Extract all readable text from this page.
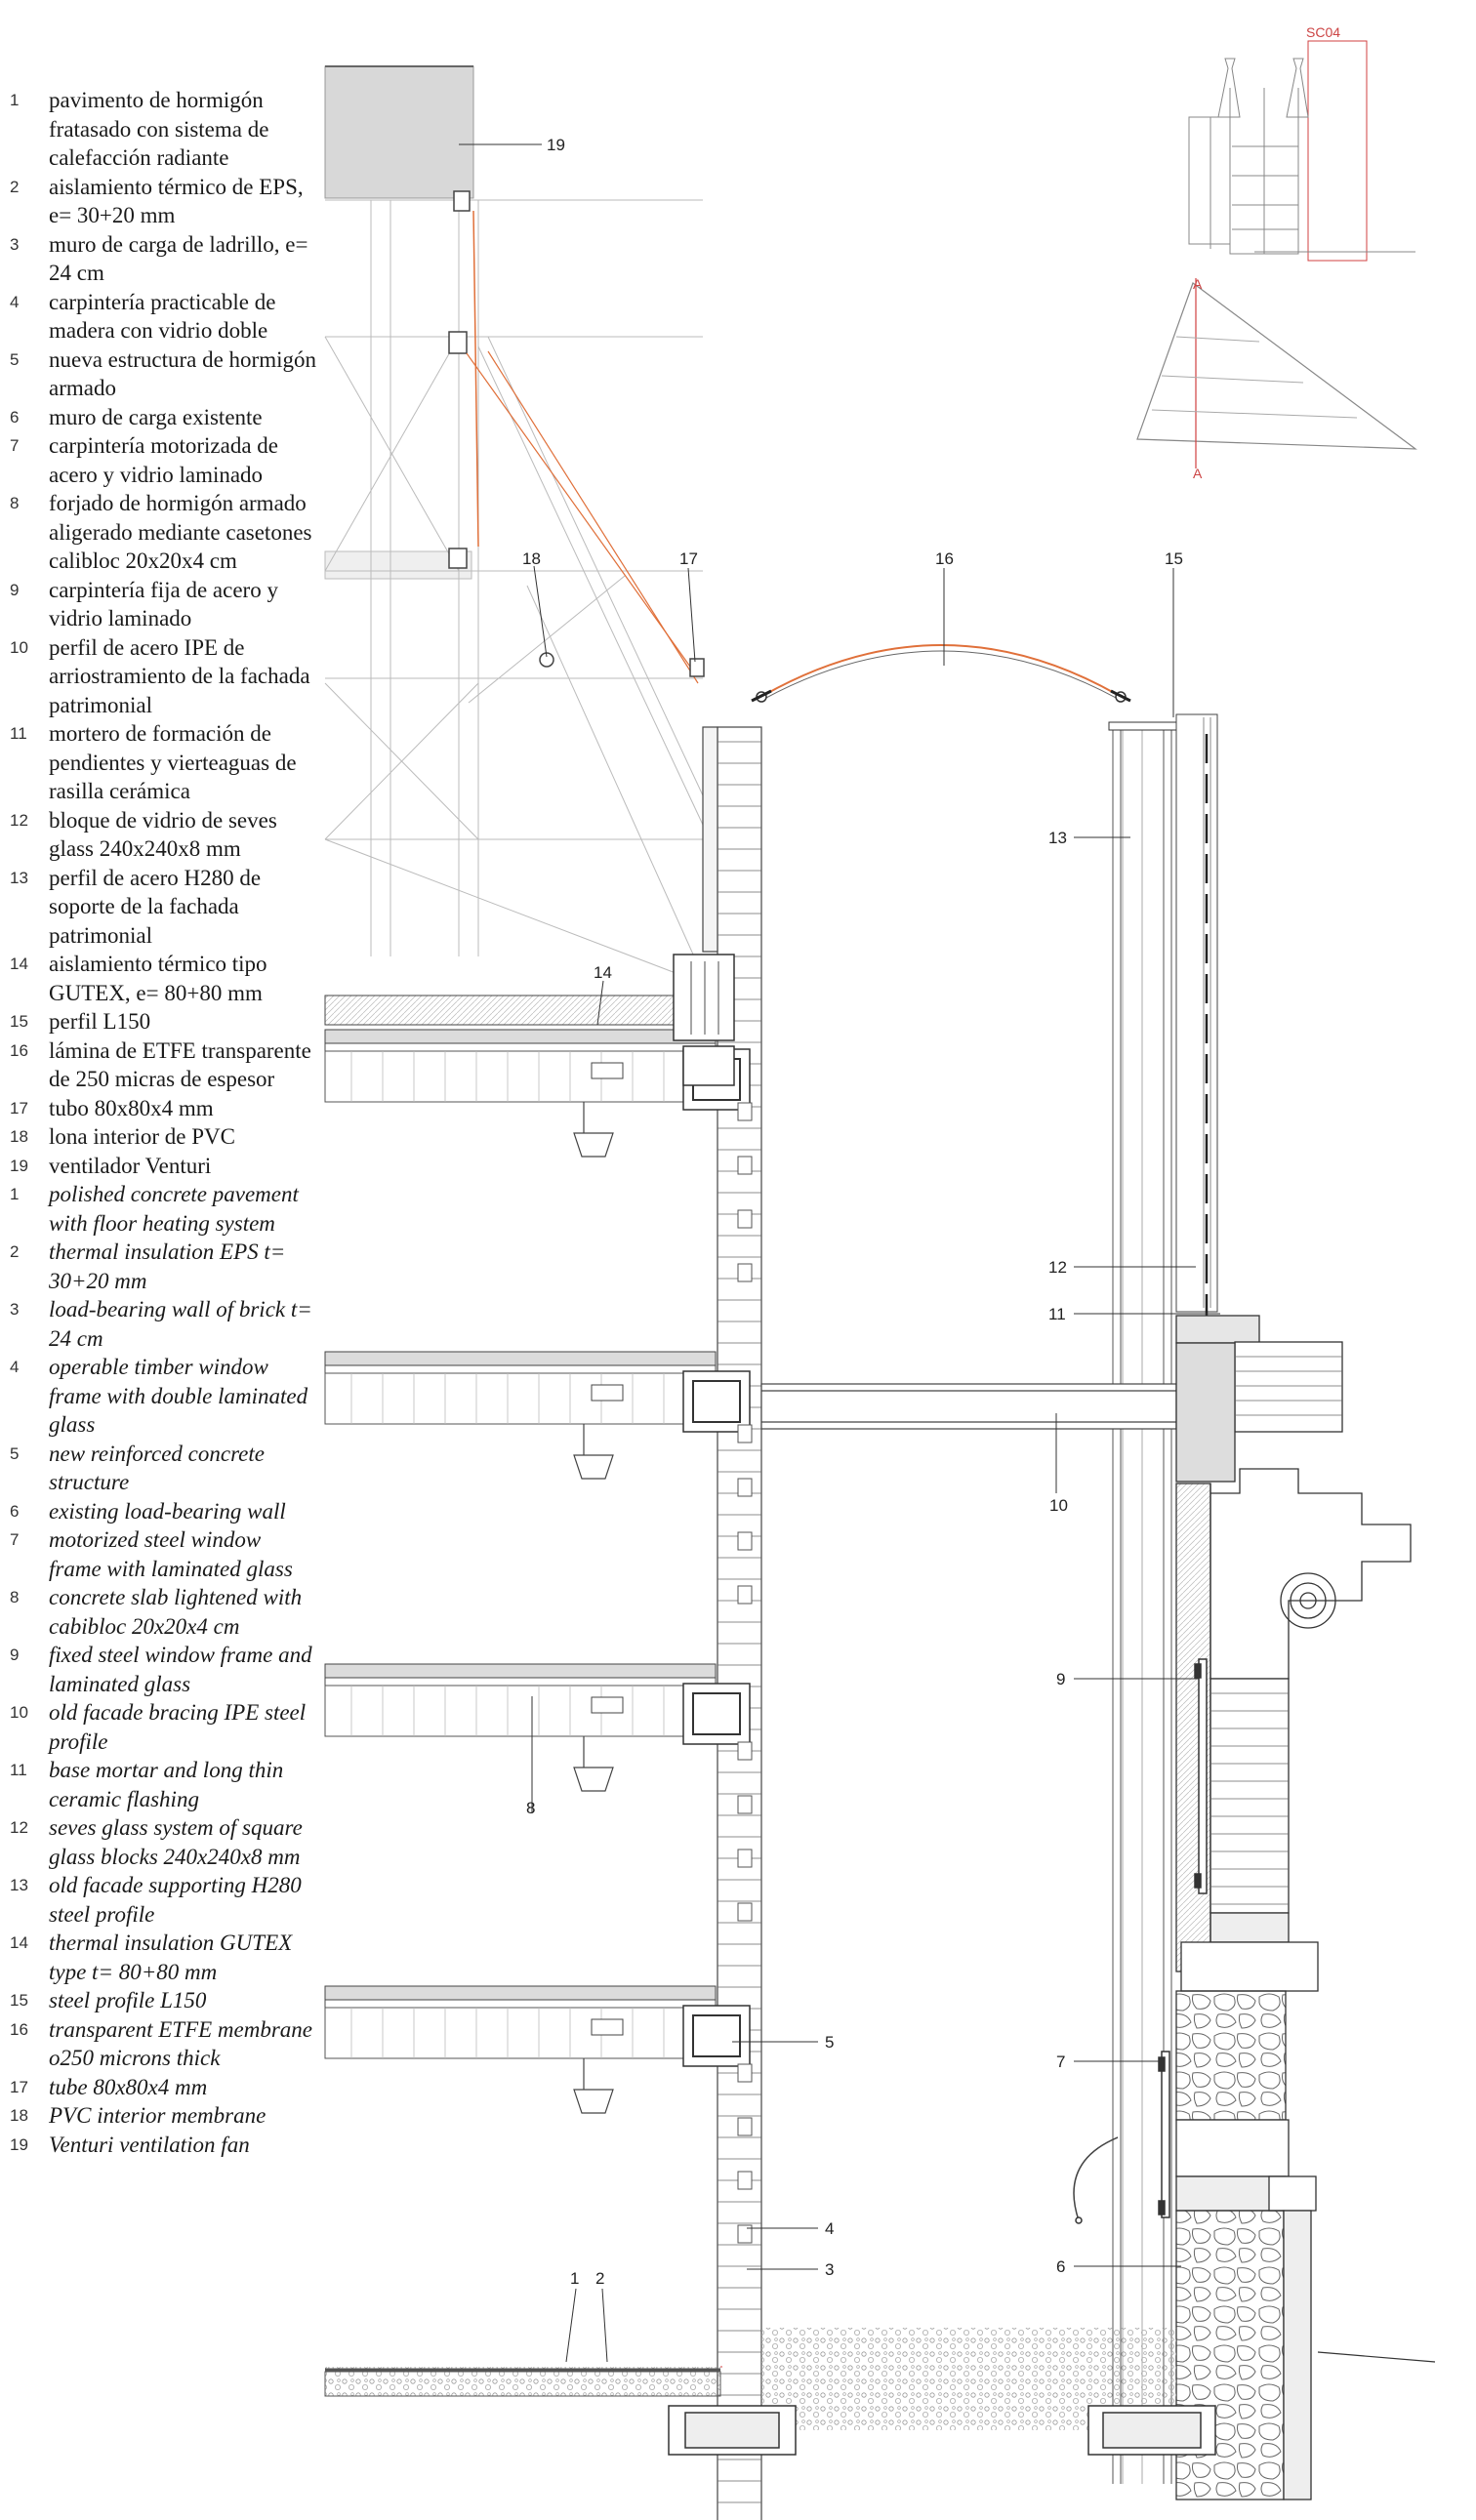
1	pavimento de hormigón fratasado con sistema de calefacción radiante
2	aislamiento térmico de EPS, e= 30+20 mm
3	muro de carga de ladrillo, e= 24 cm
4	carpintería practicable de madera con vidrio doble
5	nueva estructura de hormigón armado
6	muro de carga existente
7	carpintería motorizada de acero y vidrio laminado
8	forjado de hormigón armado aligerado mediante casetones calibloc 20x20x4 cm
9	carpintería fija de acero y vidrio laminado
10 perfil de acero IPE de arriostramiento de la fachada patrimonial
11 mortero de formación de pendientes y vierteaguas de rasilla cerámica
12 bloque de vidrio de seves glass 240x240x8 mm
13 perfil de acero H280 de soporte de la fachada patrimonial
14 aislamiento térmico tipo GUTEX, e= 80+80 mm
15 perfil L150
16 lámina de ETFE transparente de 250 micras de espesor
17 tubo 80x80x4 mm
18 lona interior de PVC
19 ventilador Venturi
1	polished concrete pavement with floor heating system
2	thermal insulation EPS t= 30+20 mm
3	load-bearing wall of brick t= 24 cm
4	operable timber window frame with double laminated glass
5	new reinforced concrete structure
6	existing load-bearing wall
7	motorized steel window frame with laminated glass
8	concrete slab lightened with cabibloc 20x20x4 cm
9	fixed steel window frame and laminated glass
10 old facade bracing IPE steel profile
11 base mortar and long thin ceramic flashing
12 seves glass system of square glass blocks 240x240x8 mm
13 old facade supporting H280 steel profile
14 thermal insulation GUTEX type t= 80+80 mm
15 steel profile L150
16 transparent ETFE membrane o250 microns thick
17 tube 80x80x4 mm
18 PVC interior membrane
19 Venturi ventilation fan
A
A
SC04
19
18	17	16	15
13
14
12
11
10
9
8
7
5
4
3	6
1 2
